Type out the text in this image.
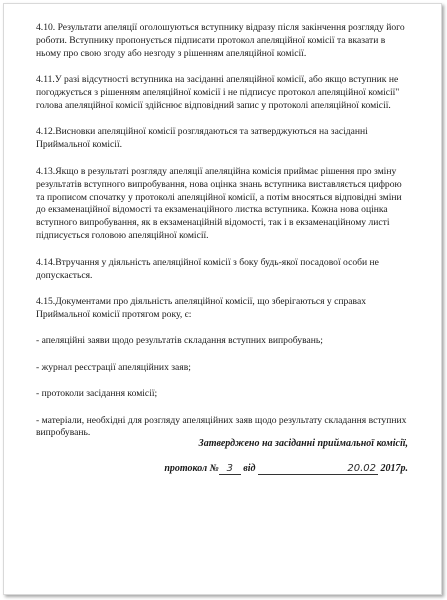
4.10. Результати апеляції оголошуються вступнику відразу після закінчення розгляду його роботи. Вступнику пропонується підписати протокол апеляційної комісії та вказати в ньому про свою згоду або незгоду з рішенням апеляційної комісії.

4.11.У разі відсутності вступника на засіданні апеляційної комісії, або якщо вступник не погоджується з рішенням апеляційної комісії і не підписує протокол апеляційної комісії" голова апеляційної комісії здійснює відповідний запис у протоколі апеляційної комісії.

4.12.Висновки апеляційної комісії розглядаються та затверджуються на засіданні Приймальної комісії.

4.13.Якщо в результаті розгляду апеляції апеляційна комісія приймає рішення про зміну результатів вступного випробування, нова оцінка знань вступника виставляється цифрою та прописом спочатку у протоколі апеляційної комісії, а потім вносяться відповідні зміни до екзаменаційної відомості та екзаменаційного листка вступника. Кожна нова оцінка вступного випробування, як в екзаменаційній відомості, так і в екзаменаційному листі підписується головою апеляційної комісії.

4.14.Втручання у діяльність апеляційної комісії з боку будь-якої посадової особи не допускається.

4.15.Документами про діяльність апеляційної комісії, що зберігаються у справах Приймальної комісії протягом року, є:

- апеляційні заяви щодо результатів складання вступних випробувань;

- журнал реєстрації апеляційних заяв;

- протоколи засідання комісії;

- матеріали, необхідні для розгляду апеляційних заяв щодо результату складання вступних випробувань.

Затверджено на засіданні приймальної комісії,
протокол № 3 від	20.02 2017р.
